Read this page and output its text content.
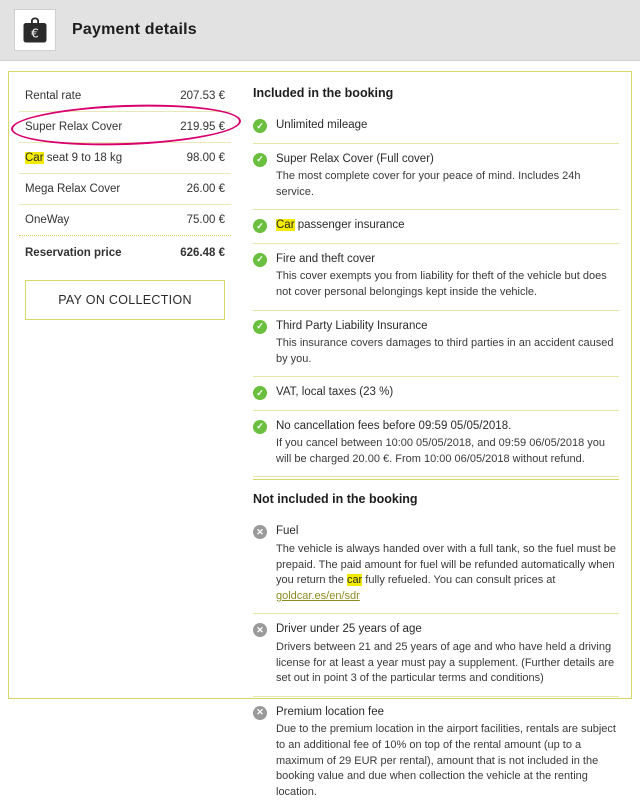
€ Payment details
Rental rate	207.53 €
Super Relax Cover	219.95 €
Car seat 9 to 18 kg	98.00 €
Mega Relax Cover	26.00 €
OneWay	75.00 €
Reservation price	626.48 €
PAY ON COLLECTION
Included in the booking
✓ Unlimited mileage
✓ Super Relax Cover (Full cover)
The most complete cover for your peace of mind. Includes 24h service.
✓ Car passenger insurance
✓ Fire and theft cover
This cover exempts you from liability for theft of the vehicle but does not cover personal belongings kept inside the vehicle.
✓ Third Party Liability Insurance
This insurance covers damages to third parties in an accident caused by you.
✓ VAT, local taxes (23 %)
✓ No cancellation fees before 09:59 05/05/2018.
If you cancel between 10:00 05/05/2018, and 09:59 06/05/2018 you will be charged 20.00 €. From 10:00 06/05/2018 without refund.
Not included in the booking
✕ Fuel
The vehicle is always handed over with a full tank, so the fuel must be prepaid. The paid amount for fuel will be refunded automatically when you return the car fully refueled. You can consult prices at goldcar.es/en/sdr
✕ Driver under 25 years of age
Drivers between 21 and 25 years of age and who have held a driving license for at least a year must pay a supplement. (Further details are set out in point 3 of the particular terms and conditions)
✕ Premium location fee
Due to the premium location in the airport facilities, rentals are subject to an additional fee of 10% on top of the rental amount (up to a maximum of 29 EUR per rental), amount that is not included in the booking value and due when collection the vehicle at the renting location.
